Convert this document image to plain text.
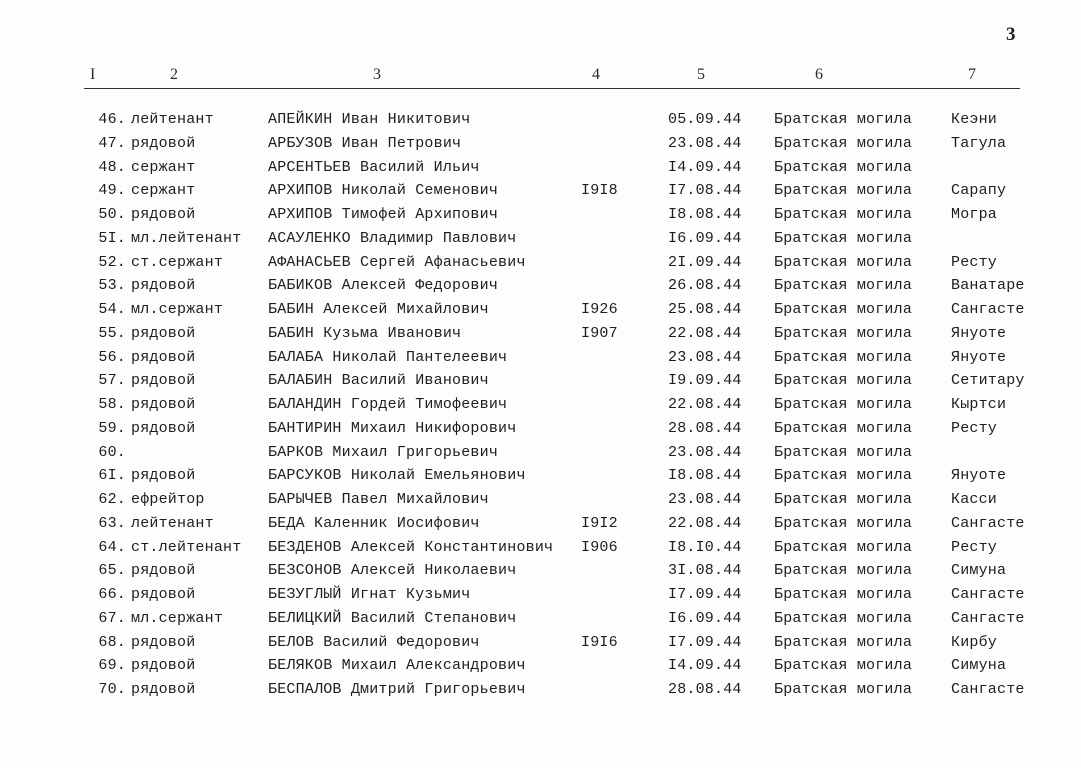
3
I	2	3	4	5	6	7
46. лейтенант	АПЕЙКИН Иван Никитович	05.09.44 Братская могила	Кеэни
47. рядовой	АРБУЗОВ Иван Петрович	23.08.44 Братская могила	Тагула
48. сержант	АРСЕНТЬЕВ Василий Ильич	I4.09.44 Братская могила
49. сержант	АРХИПОВ Николай Семенович	I9I8	I7.08.44 Братская могила	Сарапу
50. рядовой	АРХИПОВ Тимофей Архипович	I8.08.44 Братская могила	Могра
5I. мл.лейтенант АСАУЛЕНКО Владимир Павлович	I6.09.44 Братская могила
52. ст.сержант	АФАНАСЬЕВ Сергей Афанасьевич	2I.09.44 Братская могила	Ресту
53. рядовой	БАБИКОВ Алексей Федорович	26.08.44 Братская могила	Ванатаре
54. мл.сержант	БАБИН Алексей Михайлович	I926	25.08.44 Братская могила	Сангасте
55. рядовой	БАБИН Кузьма Иванович	I907	22.08.44 Братская могила	Януоте
56. рядовой	БАЛАБА Николай Пантелеевич	23.08.44 Братская могила	Януоте
57. рядовой	БАЛАБИН Василий Иванович	I9.09.44 Братская могила	Сетитару
58. рядовой	БАЛАНДИН Гордей Тимофеевич	22.08.44 Братская могила	Кыртси
59. рядовой	БАНТИРИН Михаил Никифорович	28.08.44 Братская могила	Ресту
60.	БАРКОВ Михаил Григорьевич	23.08.44 Братская могила
6I. рядовой	БАРСУКОВ Николай Емельянович	I8.08.44 Братская могила	Януоте
62. ефрейтор	БАРЫЧЕВ Павел Михайлович	23.08.44 Братская могила	Касси
63. лейтенант	БЕДА Каленник Иосифович	I9I2	22.08.44 Братская могила	Сангасте
64. ст.лейтенант БЕЗДЕНОВ Алексей Константинович I906	I8.I0.44 Братская могила	Ресту
65. рядовой	БЕЗСОНОВ Алексей Николаевич	3I.08.44 Братская могила	Симуна
66. рядовой	БЕЗУГЛЫЙ Игнат Кузьмич	I7.09.44 Братская могила	Сангасте
67. мл.сержант	БЕЛИЦКИЙ Василий Степанович	I6.09.44 Братская могила	Сангасте
68. рядовой	БЕЛОВ Василий Федорович	I9I6	I7.09.44 Братская могила	Кирбу
69. рядовой	БЕЛЯКОВ Михаил Александрович	I4.09.44 Братская могила	Симуна
70. рядовой	БЕСПАЛОВ Дмитрий Григорьевич	28.08.44 Братская могила	Сангасте
